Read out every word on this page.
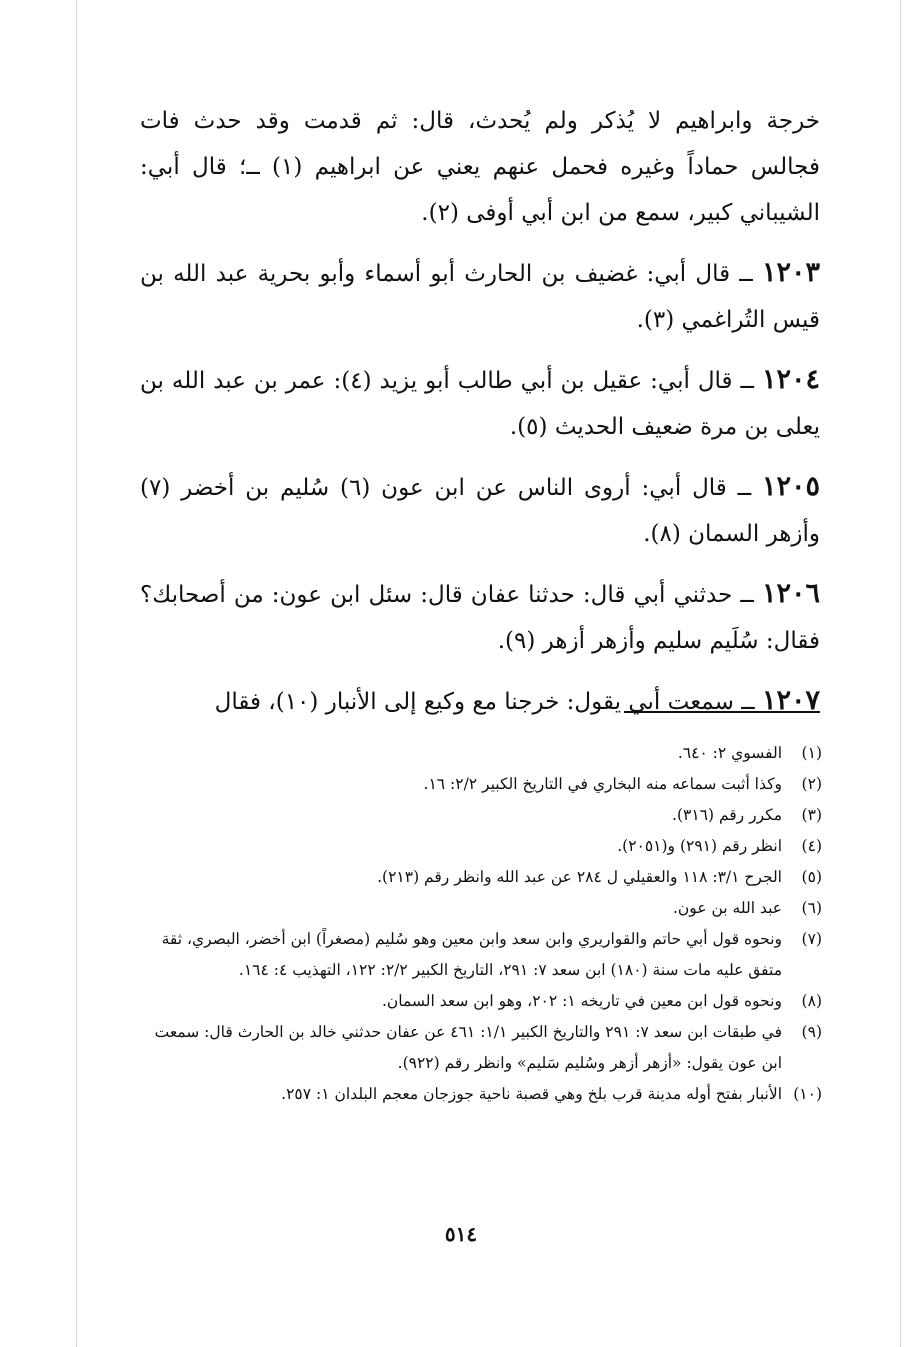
خرجة وابراهيم لا يُذكر ولم يُحدث، قال: ثم قدمت وقد حدث فات فجالس حماداً وغيره فحمل عنهم يعني عن ابراهيم (١) ــ؛ قال أبي: الشيباني كبير، سمع من ابن أبي أوفى (٢).

١٢٠٣ ــ قال أبي: غضيف بن الحارث أبو أسماء وأبو بحرية عبد الله بن قيس التُراغمي (٣).

١٢٠٤ ــ قال أبي: عقيل بن أبي طالب أبو يزيد (٤): عمر بن عبد الله بن يعلى بن مرة ضعيف الحديث (٥).

١٢٠٥ ــ قال أبي: أروى الناس عن ابن عون (٦) سُليم بن أخضر (٧) وأزهر السمان (٨).

١٢٠٦ ــ حدثني أبي قال: حدثنا عفان قال: سئل ابن عون: من أصحابك؟ فقال: سُلَيم سليم وأزهر أزهر (٩).

١٢٠٧ ــ سمعت أبي يقول: خرجنا مع وكيع إلى الأنبار (١٠)، فقال

(١)
الفسوي ٢: ٦٤٠.
(٢)
وكذا أثبت سماعه منه البخاري في التاريخ الكبير ٢/٢: ١٦.
(٣)
مكرر رقم (٣١٦).
(٤)
انظر رقم (٢٩١) و(٢٠٥١).
(٥)
الجرح ٣/١: ١١٨ والعقيلي ل ٢٨٤ عن عبد الله وانظر رقم (٢١٣).
(٦)
عبد الله بن عون.
(٧)
ونحوه قول أبي حاتم والقواريري وابن سعد وابن معين وهو سُليم (مصغراً) ابن أخضر، البصري، ثقة متفق عليه مات سنة (١٨٠) ابن سعد ٧: ٢٩١، التاريخ الكبير ٢/٢: ١٢٢، التهذيب ٤: ١٦٤.
(٨)
ونحوه قول ابن معين في تاريخه ١: ٢٠٢، وهو ابن سعد السمان.
(٩)
في طبقات ابن سعد ٧: ٢٩١ والتاريخ الكبير ١/١: ٤٦١ عن عفان حدثني خالد بن الحارث قال: سمعت ابن عون يقول: «أزهر أزهر وسُليم سَليم» وانظر رقم (٩٢٢).
(١٠)
الأنبار بفتح أوله مدينة قرب بلخ وهي قصبة ناحية جوزجان معجم البلدان ١: ٢٥٧.
٥١٤
